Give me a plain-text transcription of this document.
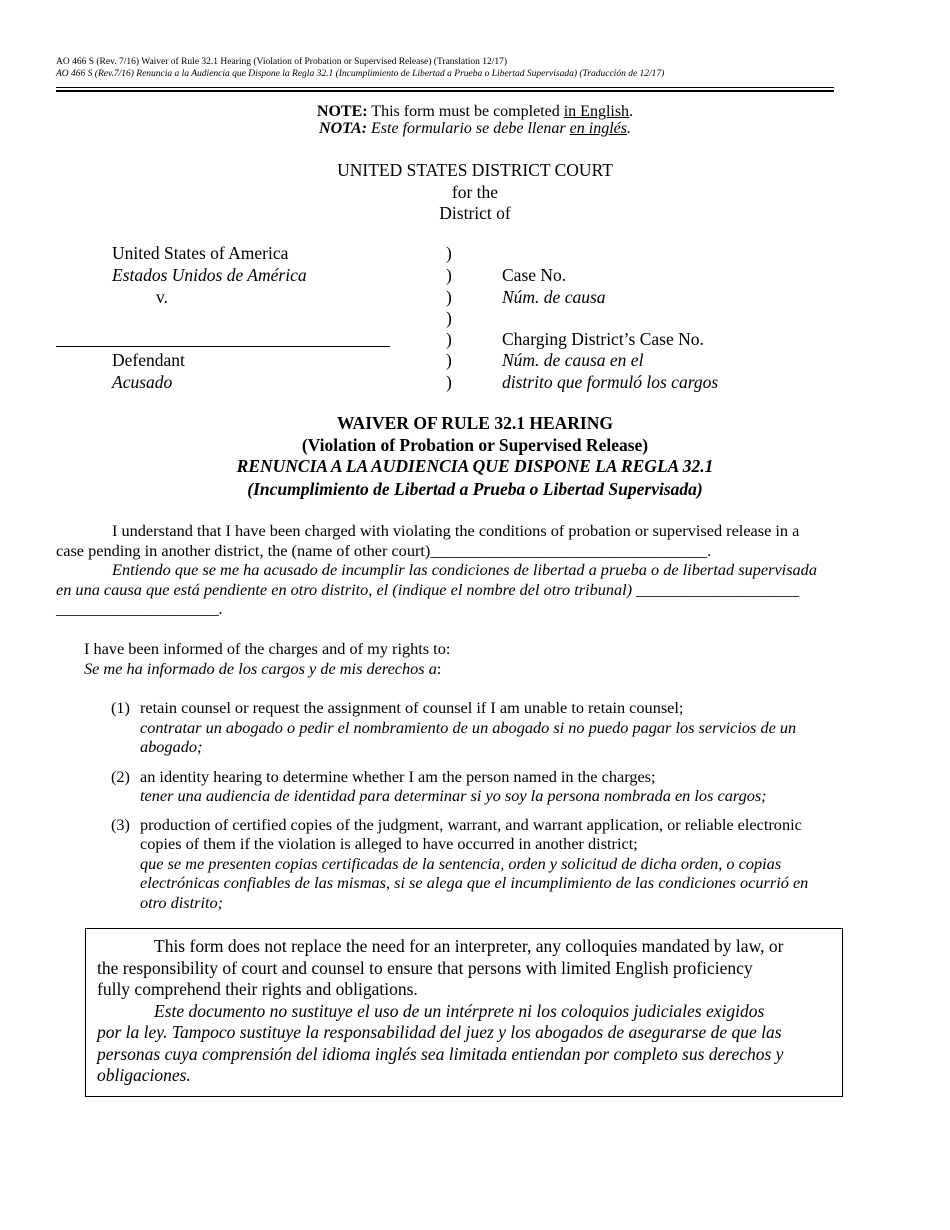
AO 466 S (Rev. 7/16) Waiver of Rule 32.1 Hearing (Violation of Probation or Supervised Release) (Translation 12/17)
AO 466 S (Rev.7/16) Renuncia a la Audiencia que Dispone la Regla 32.1 (Incumplimiento de Libertad a Prueba o Libertad Supervisada) (Traducción de 12/17)
NOTE: This form must be completed in English.
NOTA: Este formulario se debe llenar en inglés.
UNITED STATES DISTRICT COURT
for the
District of
United States of America
Estados Unidos de América
v.
Defendant
Acusado
)
)
)
)
)
)
)
Case No.
Núm. de causa
Charging District’s Case No.
Núm. de causa en el
distrito que formuló los cargos
WAIVER OF RULE 32.1 HEARING
(Violation of Probation or Supervised Release)
RENUNCIA A LA AUDIENCIA QUE DISPONE LA REGLA 32.1
(Incumplimiento de Libertad a Prueba o Libertad Supervisada)
I understand that I have been charged with violating the conditions of probation or supervised release in a
case pending in another district, the (name of other court)__________________________________.
Entiendo que se me ha acusado de incumplir las condiciones de libertad a prueba o de libertad supervisada
en una causa que está pendiente en otro distrito, el (indique el nombre del otro tribunal) ____________________
____________________.
I have been informed of the charges and of my rights to:
Se me ha informado de los cargos y de mis derechos a:
(1) retain counsel or request the assignment of counsel if I am unable to retain counsel;
contratar un abogado o pedir el nombramiento de un abogado si no puedo pagar los servicios de un
abogado;
(2) an identity hearing to determine whether I am the person named in the charges;
tener una audiencia de identidad para determinar si yo soy la persona nombrada en los cargos;
(3) production of certified copies of the judgment, warrant, and warrant application, or reliable electronic
copies of them if the violation is alleged to have occurred in another district;
que se me presenten copias certificadas de la sentencia, orden y solicitud de dicha orden, o copias
electrónicas confiables de las mismas, si se alega que el incumplimiento de las condiciones ocurrió en
otro distrito;
This form does not replace the need for an interpreter, any colloquies mandated by law, or
the responsibility of court and counsel to ensure that persons with limited English proficiency
fully comprehend their rights and obligations.
Este documento no sustituye el uso de un intérprete ni los coloquios judiciales exigidos
por la ley. Tampoco sustituye la responsabilidad del juez y los abogados de asegurarse de que las
personas cuya comprensión del idioma inglés sea limitada entiendan por completo sus derechos y
obligaciones.
